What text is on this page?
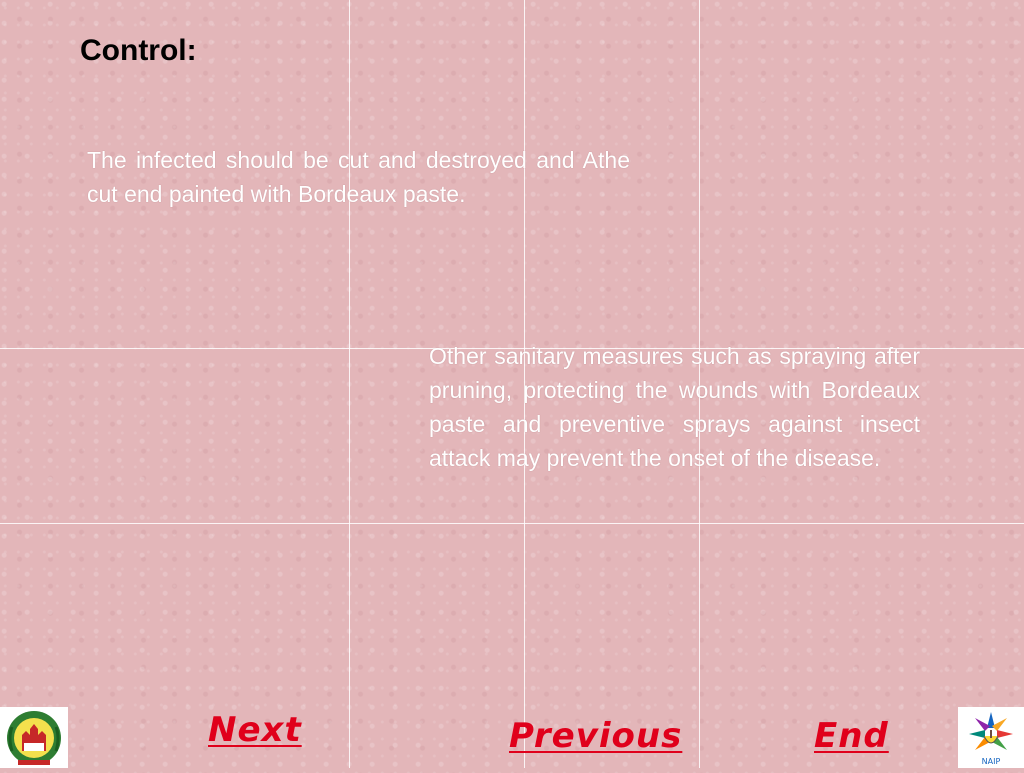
Control:
The infected should be cut and destroyed and Athe cut end painted with Bordeaux paste.
Other sanitary measures such as spraying after pruning, protecting the wounds with Bordeaux paste and preventive sprays against insect attack may prevent the onset of the disease.
Next	Previous	End
NAIP
